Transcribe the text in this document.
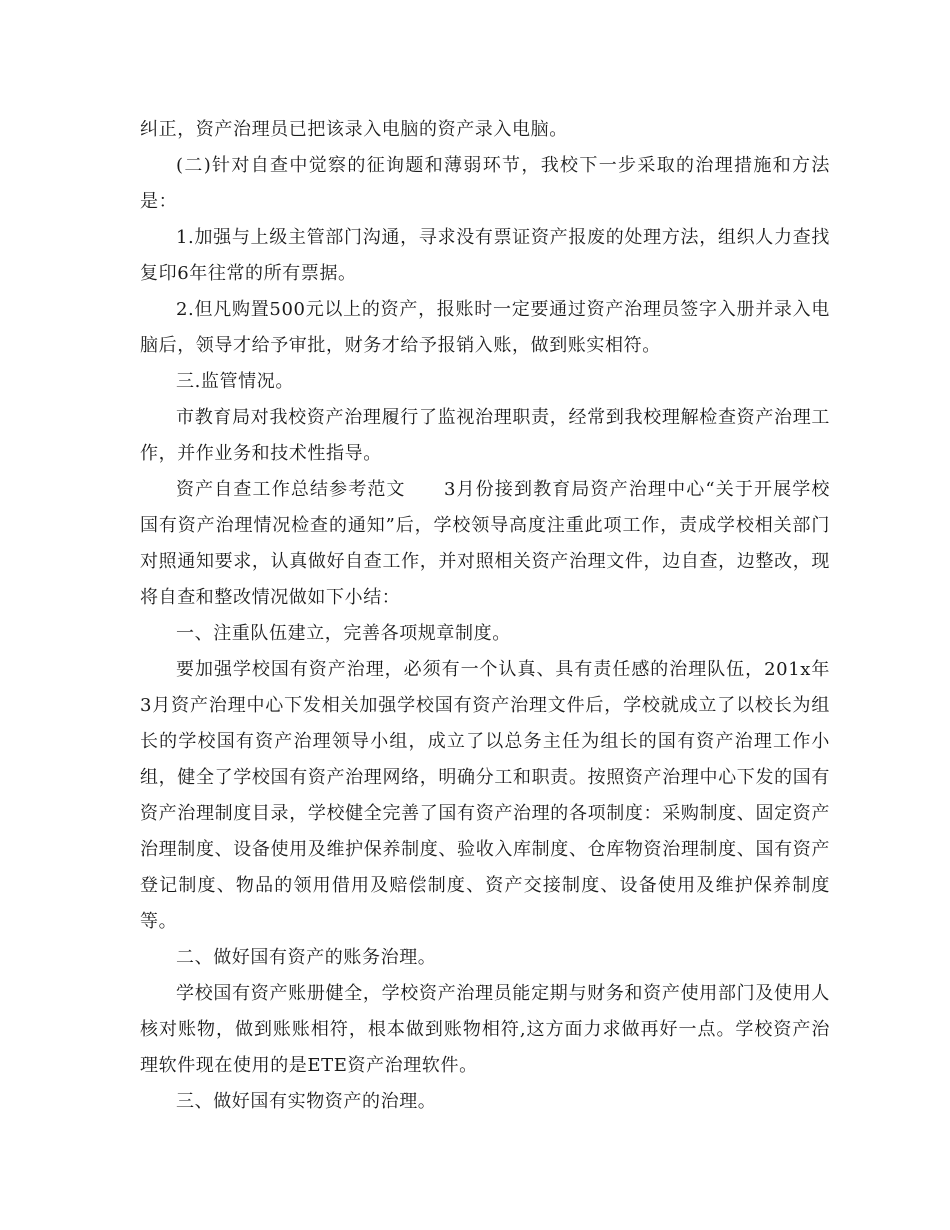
纠正，资产治理员已把该录入电脑的资产录入电脑。

(二)针对自查中觉察的征询题和薄弱环节，我校下一步采取的治理措施和方法是：

1.加强与上级主管部门沟通，寻求没有票证资产报废的处理方法，组织人力查找复印6年往常的所有票据。

2.但凡购置500元以上的资产，报账时一定要通过资产治理员签字入册并录入电脑后，领导才给予审批，财务才给予报销入账，做到账实相符。

三.监管情况。

市教育局对我校资产治理履行了监视治理职责，经常到我校理解检查资产治理工作，并作业务和技术性指导。

资产自查工作总结参考范文　　3月份接到教育局资产治理中心“关于开展学校国有资产治理情况检查的通知”后，学校领导高度注重此项工作，责成学校相关部门对照通知要求，认真做好自查工作，并对照相关资产治理文件，边自查，边整改，现将自查和整改情况做如下小结：

一、注重队伍建立，完善各项规章制度。

要加强学校国有资产治理，必须有一个认真、具有责任感的治理队伍，201x年3月资产治理中心下发相关加强学校国有资产治理文件后，学校就成立了以校长为组长的学校国有资产治理领导小组，成立了以总务主任为组长的国有资产治理工作小组，健全了学校国有资产治理网络，明确分工和职责。按照资产治理中心下发的国有资产治理制度目录，学校健全完善了国有资产治理的各项制度：采购制度、固定资产治理制度、设备使用及维护保养制度、验收入库制度、仓库物资治理制度、国有资产登记制度、物品的领用借用及赔偿制度、资产交接制度、设备使用及维护保养制度等。

二、做好国有资产的账务治理。

学校国有资产账册健全，学校资产治理员能定期与财务和资产使用部门及使用人核对账物，做到账账相符，根本做到账物相符,这方面力求做再好一点。学校资产治理软件现在使用的是ETE资产治理软件。

三、做好国有实物资产的治理。
